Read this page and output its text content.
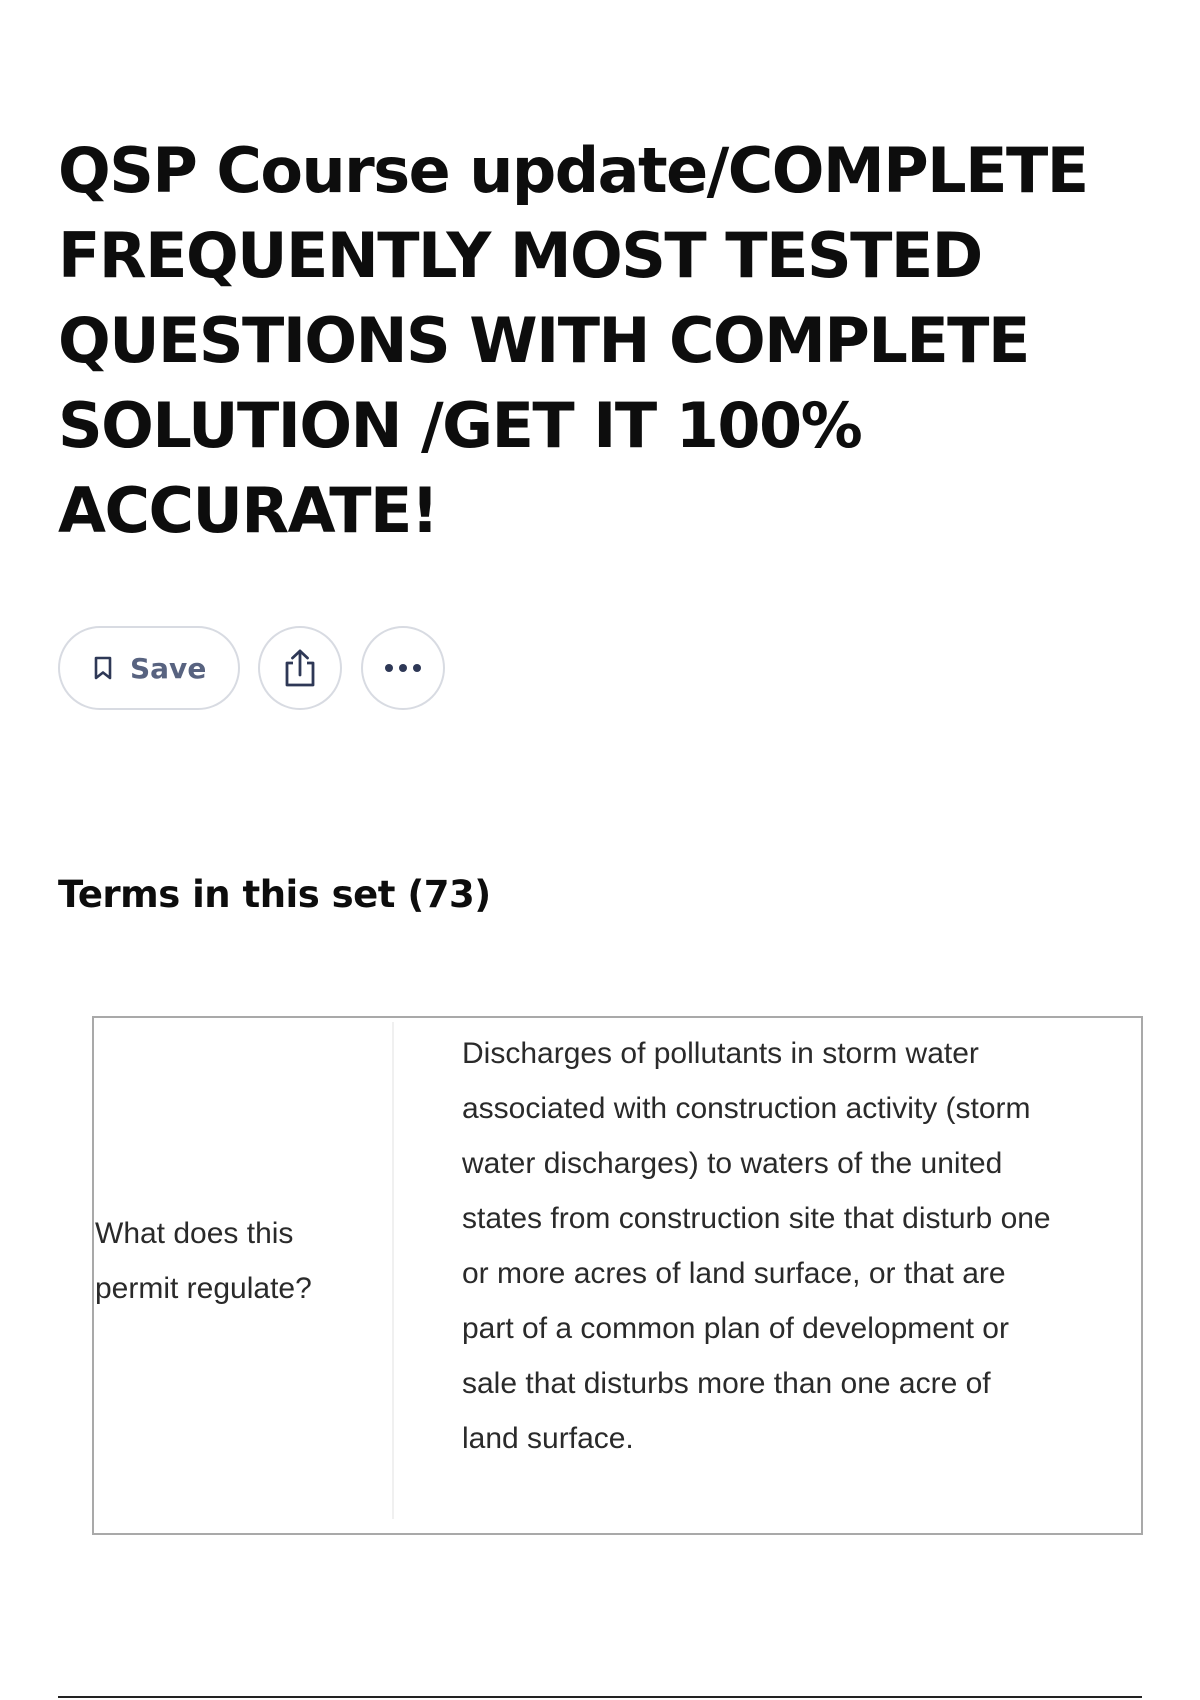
QSP Course update/COMPLETE FREQUENTLY MOST TESTED QUESTIONS WITH COMPLETE SOLUTION /GET IT 100% ACCURATE!
Save
Terms in this set (73)
What does this permit regulate?
Discharges of pollutants in storm water associated with construction activity (storm water discharges) to waters of the united states from construction site that disturb one or more acres of land surface, or that are part of a common plan of development or sale that disturbs more than one acre of land surface.
